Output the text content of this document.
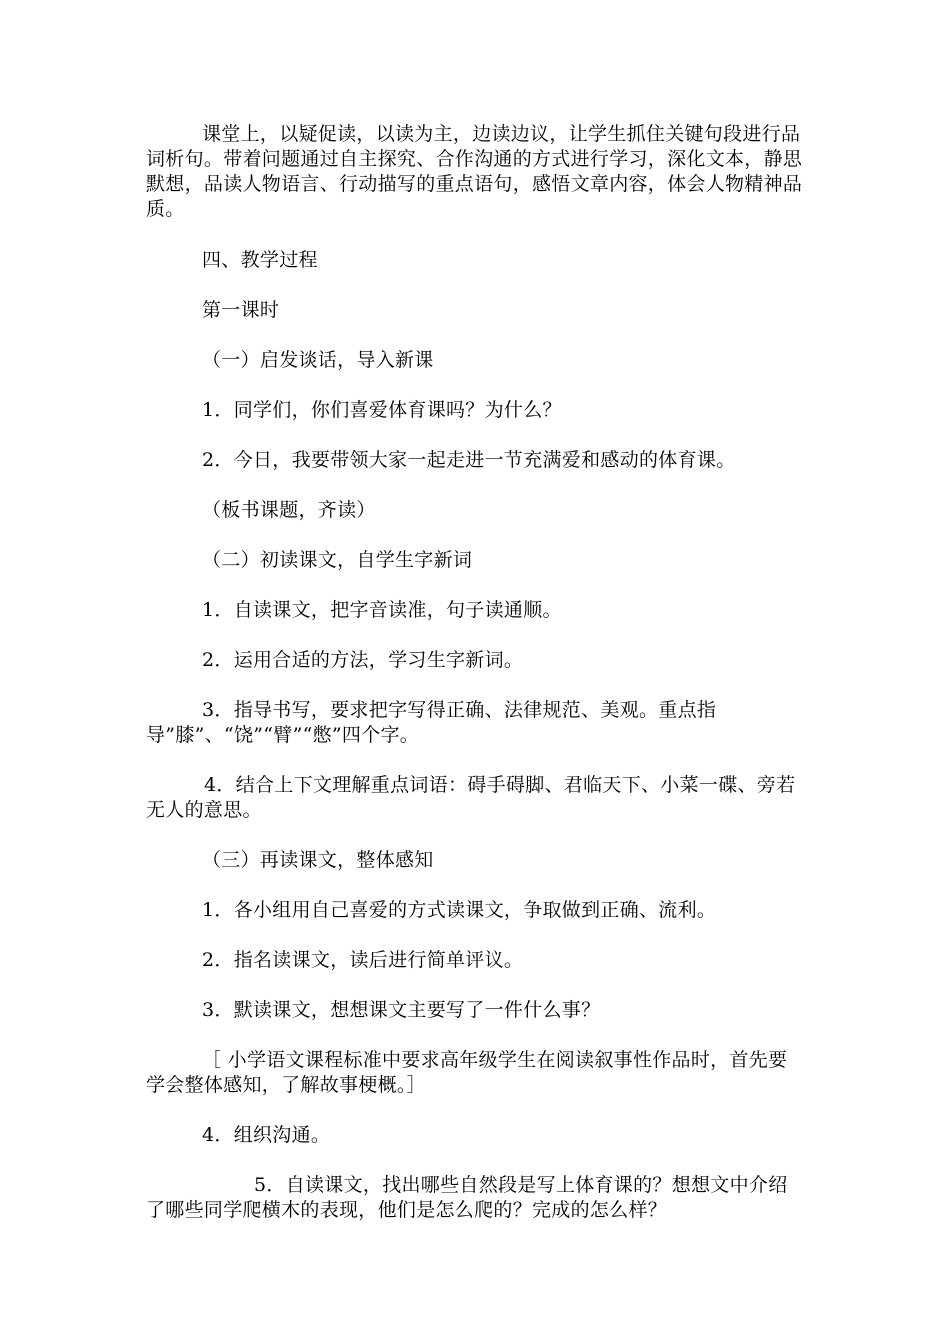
课堂上，以疑促读，以读为主，边读边议，让学生抓住关键句段进行品词析句。带着问题通过自主探究、合作沟通的方式进行学习，深化文本，静思默想，品读人物语言、行动描写的重点语句，感悟文章内容，体会人物精神品质。
四、教学过程
第一课时
（一）启发谈话，导入新课
1．同学们，你们喜爱体育课吗？为什么？
2．今日，我要带领大家一起走进一节充满爱和感动的体育课。
（板书课题，齐读）
（二）初读课文，自学生字新词
1．自读课文，把字音读准，句子读通顺。
2．运用合适的方法，学习生字新词。
3．指导书写，要求把字写得正确、法律规范、美观。重点指导”膝”、“饶”“臂”“憋”四个字。
4．结合上下文理解重点词语：碍手碍脚、君临天下、小菜一碟、旁若无人的意思。
（三）再读课文，整体感知
1．各小组用自己喜爱的方式读课文，争取做到正确、流利。
2．指名读课文，读后进行简单评议。
3．默读课文，想想课文主要写了一件什么事？
［ 小学语文课程标准中要求高年级学生在阅读叙事性作品时，首先要学会整体感知，了解故事梗概。］
4．组织沟通。
5．自读课文，找出哪些自然段是写上体育课的？想想文中介绍了哪些同学爬横木的表现，他们是怎么爬的？完成的怎么样？
